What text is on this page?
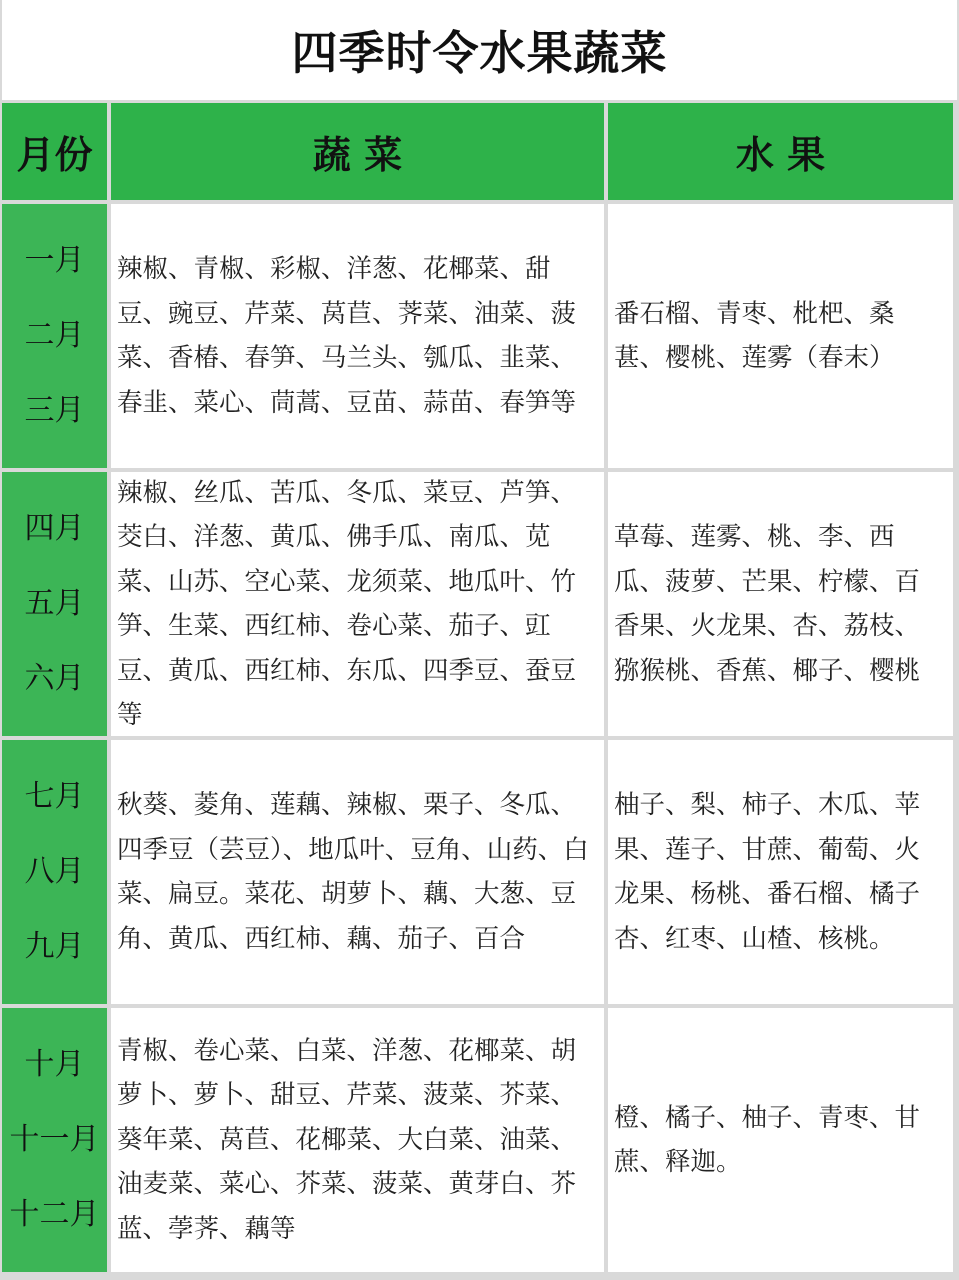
四季时令水果蔬菜
月份	蔬 菜	水 果
一月
二月
三月
辣椒、青椒、彩椒、洋葱、花椰菜、甜豆、豌豆、芹菜、莴苣、荠菜、油菜、菠菜、香椿、春笋、马兰头、瓠瓜、韭菜、春韭、菜心、茼蒿、豆苗、蒜苗、春笋等
番石榴、青枣、枇杷、桑葚、樱桃、莲雾（春末）
四月
五月
六月
辣椒、丝瓜、苦瓜、冬瓜、菜豆、芦笋、茭白、洋葱、黄瓜、佛手瓜、南瓜、苋菜、山苏、空心菜、龙须菜、地瓜叶、竹笋、生菜、西红柿、卷心菜、茄子、豇豆、黄瓜、西红柿、东瓜、四季豆、蚕豆等
草莓、莲雾、桃、李、西瓜、菠萝、芒果、柠檬、百香果、火龙果、杏、荔枝、猕猴桃、香蕉、椰子、樱桃
七月
八月
九月
秋葵、菱角、莲藕、辣椒、栗子、冬瓜、四季豆（芸豆）、地瓜叶、豆角、山药、白菜、扁豆。菜花、胡萝卜、藕、大葱、豆角、黄瓜、西红柿、藕、茄子、百合
柚子、梨、柿子、木瓜、苹果、莲子、甘蔗、葡萄、火龙果、杨桃、番石榴、橘子杏、红枣、山楂、核桃。
十月
十一月
十二月
青椒、卷心菜、白菜、洋葱、花椰菜、胡萝卜、萝卜、甜豆、芹菜、菠菜、芥菜、葵年菜、莴苣、花椰菜、大白菜、油菜、油麦菜、菜心、芥菜、菠菜、黄芽白、芥蓝、荸荠、藕等
橙、橘子、柚子、青枣、甘蔗、释迦。
